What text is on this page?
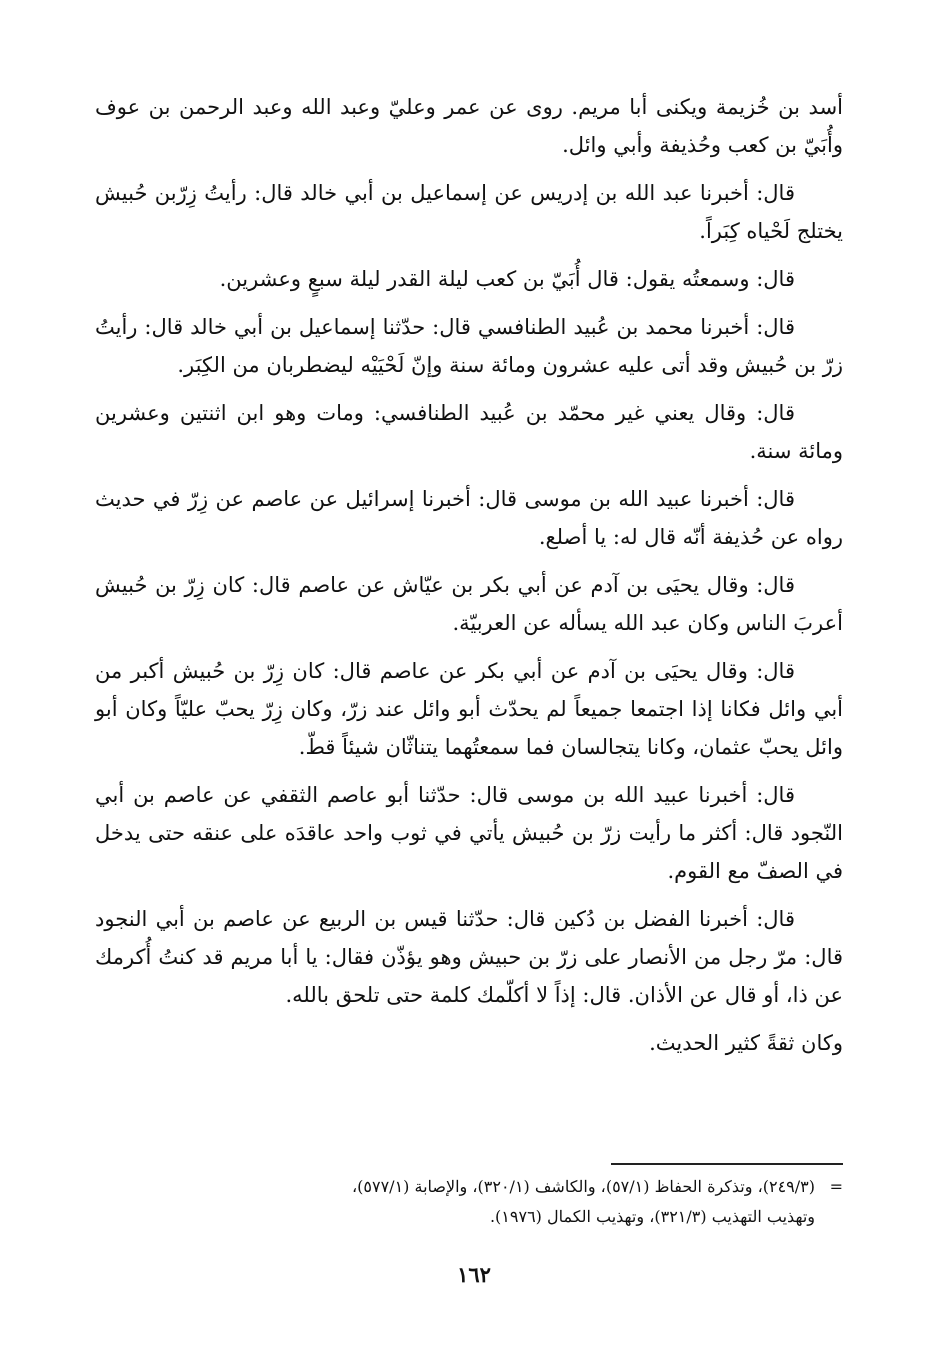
أسد بن خُزيمة ويكنى أبا مريم. روى عن عمر وعليّ وعبد الله وعبد الرحمن بن عوف وأُبَيّ بن كعب وحُذيفة وأبي وائل.

قال: أخبرنا عبد الله بن إدريس عن إسماعيل بن أبي خالد قال: رأيتُ زِرّبن حُبيش يختلج لَحْياه كِبَراً.

قال: وسمعتُه يقول: قال أُبَيّ بن كعب ليلة القدر ليلة سبعٍ وعشرين.

قال: أخبرنا محمد بن عُبيد الطنافسي قال: حدّثنا إسماعيل بن أبي خالد قال: رأيتُ زرّ بن حُبيش وقد أتى عليه عشرون ومائة سنة وإنّ لَحْيَيْه ليضطربان من الكِبَر.

قال: وقال يعني غير محمّد بن عُبيد الطنافسي: ومات وهو ابن اثنتين وعشرين ومائة سنة.

قال: أخبرنا عبيد الله بن موسى قال: أخبرنا إسرائيل عن عاصم عن زِرّ في حديث رواه عن حُذيفة أنّه قال له: يا أصلع.

قال: وقال يحيَى بن آدم عن أبي بكر بن عيّاش عن عاصم قال: كان زِرّ بن حُبيش أعربَ الناس وكان عبد الله يسأله عن العربيّة.

قال: وقال يحيَى بن آدم عن أبي بكر عن عاصم قال: كان زِرّ بن حُبيش أكبر من أبي وائل فكانا إذا اجتمعا جميعاً لم يحدّث أبو وائل عند زرّ، وكان زِرّ يحبّ عليّاً وكان أبو وائل يحبّ عثمان، وكانا يتجالسان فما سمعتُهما يتناثّان شيئاً قطّ.

قال: أخبرنا عبيد الله بن موسى قال: حدّثنا أبو عاصم الثقفي عن عاصم بن أبي النّجود قال: أكثر ما رأيت زرّ بن حُبيش يأتي في ثوب واحد عاقدَه على عنقه حتى يدخل في الصفّ مع القوم.

قال: أخبرنا الفضل بن دُكين قال: حدّثنا قيس بن الربيع عن عاصم بن أبي النجود قال: مرّ رجل من الأنصار على زرّ بن حبيش وهو يؤذّن فقال: يا أبا مريم قد كنتُ أُكرمك عن ذا، أو قال عن الأذان. قال: إذاً لا أكلّمك كلمة حتى تلحق بالله.

وكان ثقةً كثير الحديث.

=
(٢٤٩/٣)، وتذكرة الحفاظ (٥٧/١)، والكاشف (٣٢٠/١)، والإصابة (٥٧٧/١)،
وتهذيب التهذيب (٣٢١/٣)، وتهذيب الكمال (١٩٧٦).
١٦٢
